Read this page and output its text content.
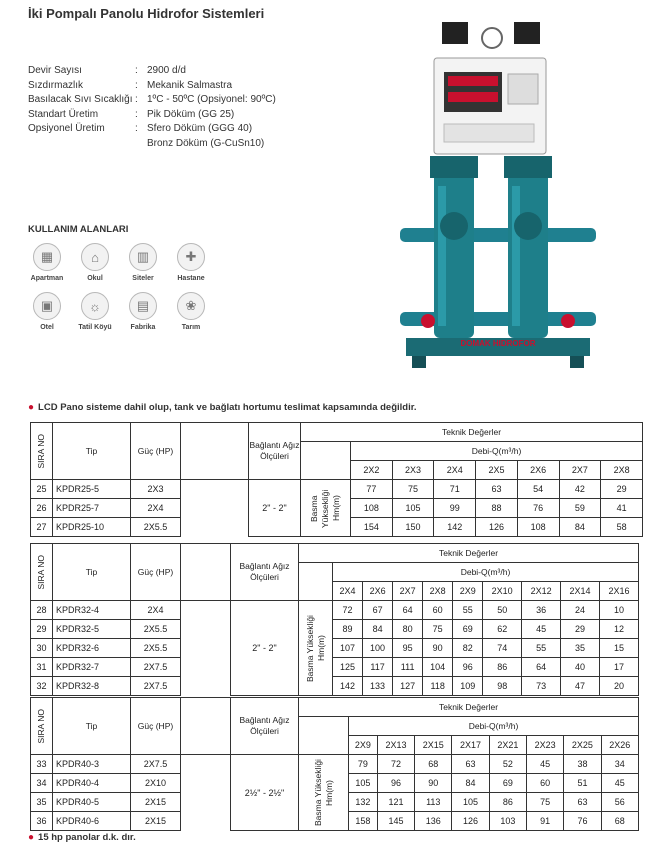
İki Pompalı Panolu Hidrofor Sistemleri
Devir Sayısı	: 2900 d/d
Sızdırmazlık	: Mekanik Salmastra
Basılacak Sıvı Sıcaklığı : 1ºC - 50ºC (Opsiyonel: 90ºC)
Standart Üretim	: Pik Döküm (GG 25)
Opsiyonel Üretim	: Sfero Döküm (GGG 40)
Bronz Döküm (G-CuSn10)
KULLANIM ALANLARI
▦
Apartman
⌂
Okul
▥
Siteler
✚
Hastane
▣
Otel
☼
Tatil Köyü
▤
Fabrika
❀
Tarım
DOMAK HIDROFOR
● LCD Pano sisteme dahil olup, tank ve bağlatı hortumu teslimat kapsamında değildir.
SIRA NO	Tip	Güç (HP)		Bağlantı Ağız Ölçüleri	Teknik Değerler							
						Debi-Q(m³/h)						
						2X2	2X3	2X4	2X5	2X6	2X7	2X8
25	KPDR25-5	2X3		2" - 2"	Basma Yüksekliği Hm(m)	77	75	71	63	54	42	29
26	KPDR25-7	2X4				108	105	99	88	76	59	41
27	KPDR25-10	2X5.5				154	150	142	126	108	84	58
SIRA NO	Tip	Güç (HP)		Bağlantı Ağız Ölçüleri	Teknik Değerler									
						Debi-Q(m³/h)								
						2X4	2X6	2X7	2X8	2X9	2X10	2X12	2X14	2X16
28	KPDR32-4	2X4		2" - 2"	Basma Yüksekliği Hm(m)	72	67	64	60	55	50	36	24	10
29	KPDR32-5	2X5.5				89	84	80	75	69	62	45	29	12
30	KPDR32-6	2X5.5				107	100	95	90	82	74	55	35	15
31	KPDR32-7	2X7.5				125	117	111	104	96	86	64	40	17
32	KPDR32-8	2X7.5				142	133	127	118	109	98	73	47	20
SIRA NO	Tip	Güç (HP)		Bağlantı Ağız Ölçüleri	Teknik Değerler								
						Debi-Q(m³/h)							
						2X9	2X13	2X15	2X17	2X21	2X23	2X25	2X26
33	KPDR40-3	2X7.5		2½" - 2½"	Basma Yüksekliği Hm(m)	79	72	68	63	52	45	38	34
34	KPDR40-4	2X10				105	96	90	84	69	60	51	45
35	KPDR40-5	2X15				132	121	113	105	86	75	63	56
36	KPDR40-6	2X15				158	145	136	126	103	91	76	68
● 15 hp panolar d.k. dır.
